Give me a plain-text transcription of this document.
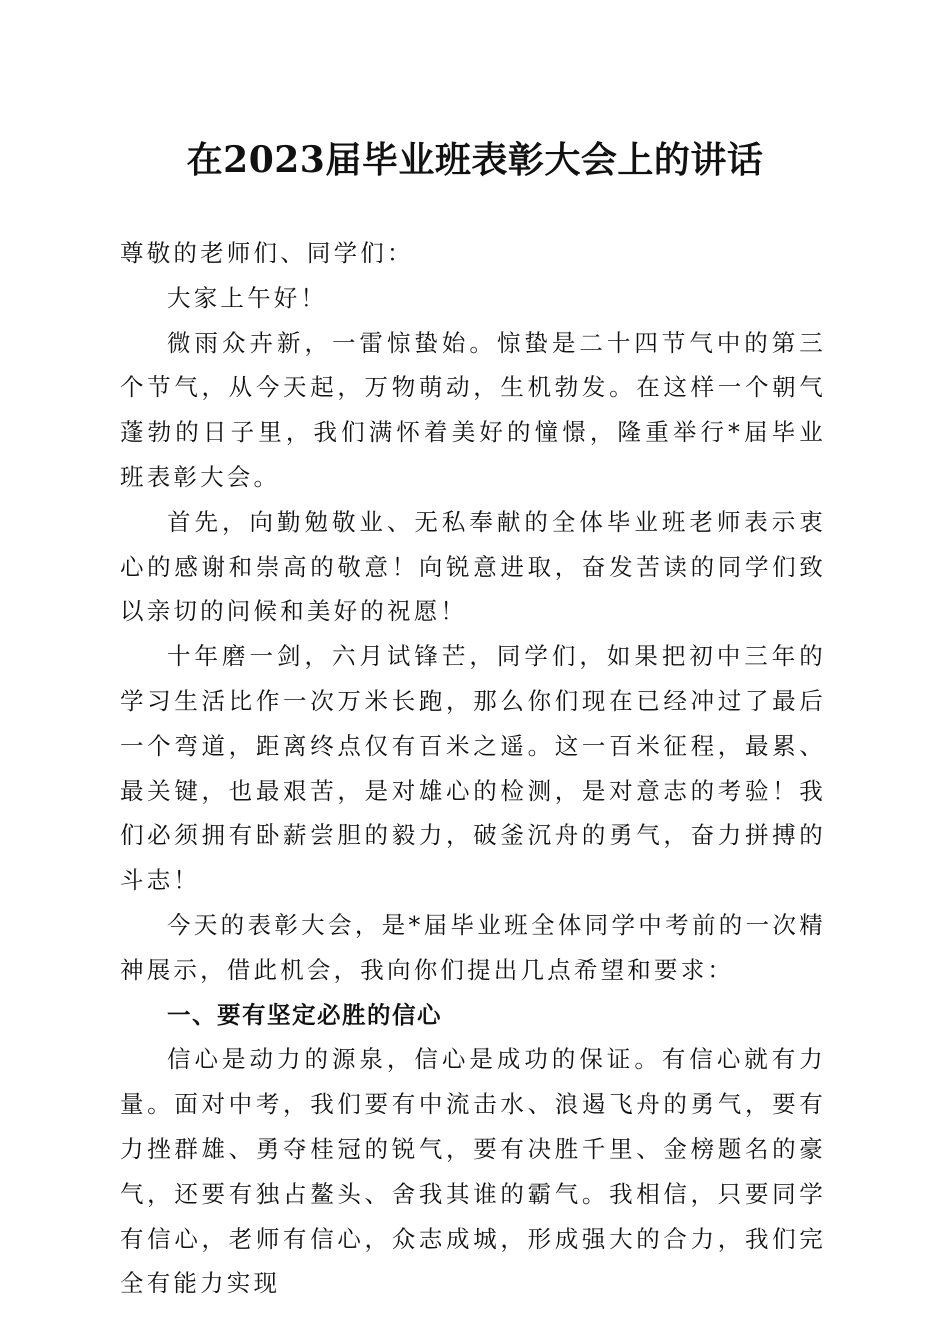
在2023届毕业班表彰大会上的讲话

尊敬的老师们、同学们：

大家上午好！

微雨众卉新，一雷惊蛰始。惊蛰是二十四节气中的第三个节气，从今天起，万物萌动，生机勃发。在这样一个朝气蓬勃的日子里，我们满怀着美好的憧憬，隆重举行*届毕业班表彰大会。

首先，向勤勉敬业、无私奉献的全体毕业班老师表示衷心的感谢和崇高的敬意！向锐意进取，奋发苦读的同学们致以亲切的问候和美好的祝愿！

十年磨一剑，六月试锋芒，同学们，如果把初中三年的学习生活比作一次万米长跑，那么你们现在已经冲过了最后一个弯道，距离终点仅有百米之遥。这一百米征程，最累、最关键，也最艰苦，是对雄心的检测，是对意志的考验！我们必须拥有卧薪尝胆的毅力，破釜沉舟的勇气，奋力拼搏的斗志！

今天的表彰大会，是*届毕业班全体同学中考前的一次精神展示，借此机会，我向你们提出几点希望和要求：

一、要有坚定必胜的信心

信心是动力的源泉，信心是成功的保证。有信心就有力量。面对中考，我们要有中流击水、浪遏飞舟的勇气，要有力挫群雄、勇夺桂冠的锐气，要有决胜千里、金榜题名的豪气，还要有独占鳌头、舍我其谁的霸气。我相信，只要同学有信心，老师有信心，众志成城，形成强大的合力，我们完全有能力实现
